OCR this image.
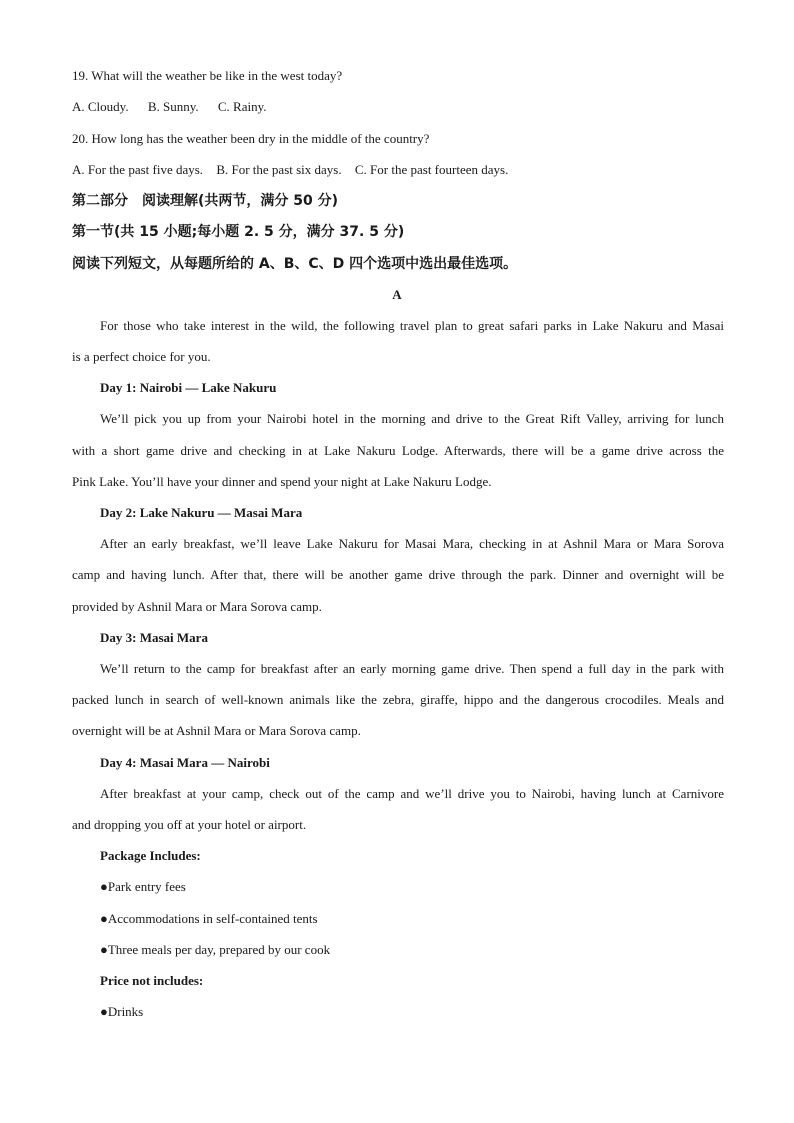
19. What will the weather be like in the west today?
A. Cloudy. B. Sunny. C. Rainy.
20. How long has the weather been dry in the middle of the country?
A. For the past five days. B. For the past six days. C. For the past fourteen days.
第二部分　阅读理解(共两节，满分 50 分)
第一节(共 15 小题;每小题 2. 5 分，满分 37. 5 分)
阅读下列短文，从每题所给的 A、B、C、D 四个选项中选出最佳选项。
A
For those who take interest in the wild, the following travel plan to great safari parks in Lake Nakuru and Masai
is a perfect choice for you.
Day 1: Nairobi — Lake Nakuru
We’ll pick you up from your Nairobi hotel in the morning and drive to the Great Rift Valley, arriving for lunch
with a short game drive and checking in at Lake Nakuru Lodge. Afterwards, there will be a game drive across the
Pink Lake. You’ll have your dinner and spend your night at Lake Nakuru Lodge.
Day 2: Lake Nakuru — Masai Mara
After an early breakfast, we’ll leave Lake Nakuru for Masai Mara, checking in at Ashnil Mara or Mara Sorova
camp and having lunch. After that, there will be another game drive through the park. Dinner and overnight will be
provided by Ashnil Mara or Mara Sorova camp.
Day 3: Masai Mara
We’ll return to the camp for breakfast after an early morning game drive. Then spend a full day in the park with
packed lunch in search of well-known animals like the zebra, giraffe, hippo and the dangerous crocodiles. Meals and
overnight will be at Ashnil Mara or Mara Sorova camp.
Day 4: Masai Mara — Nairobi
After breakfast at your camp, check out of the camp and we’ll drive you to Nairobi, having lunch at Carnivore
and dropping you off at your hotel or airport.
Package Includes:
●Park entry fees
●Accommodations in self-contained tents
●Three meals per day, prepared by our cook
Price not includes:
●Drinks
